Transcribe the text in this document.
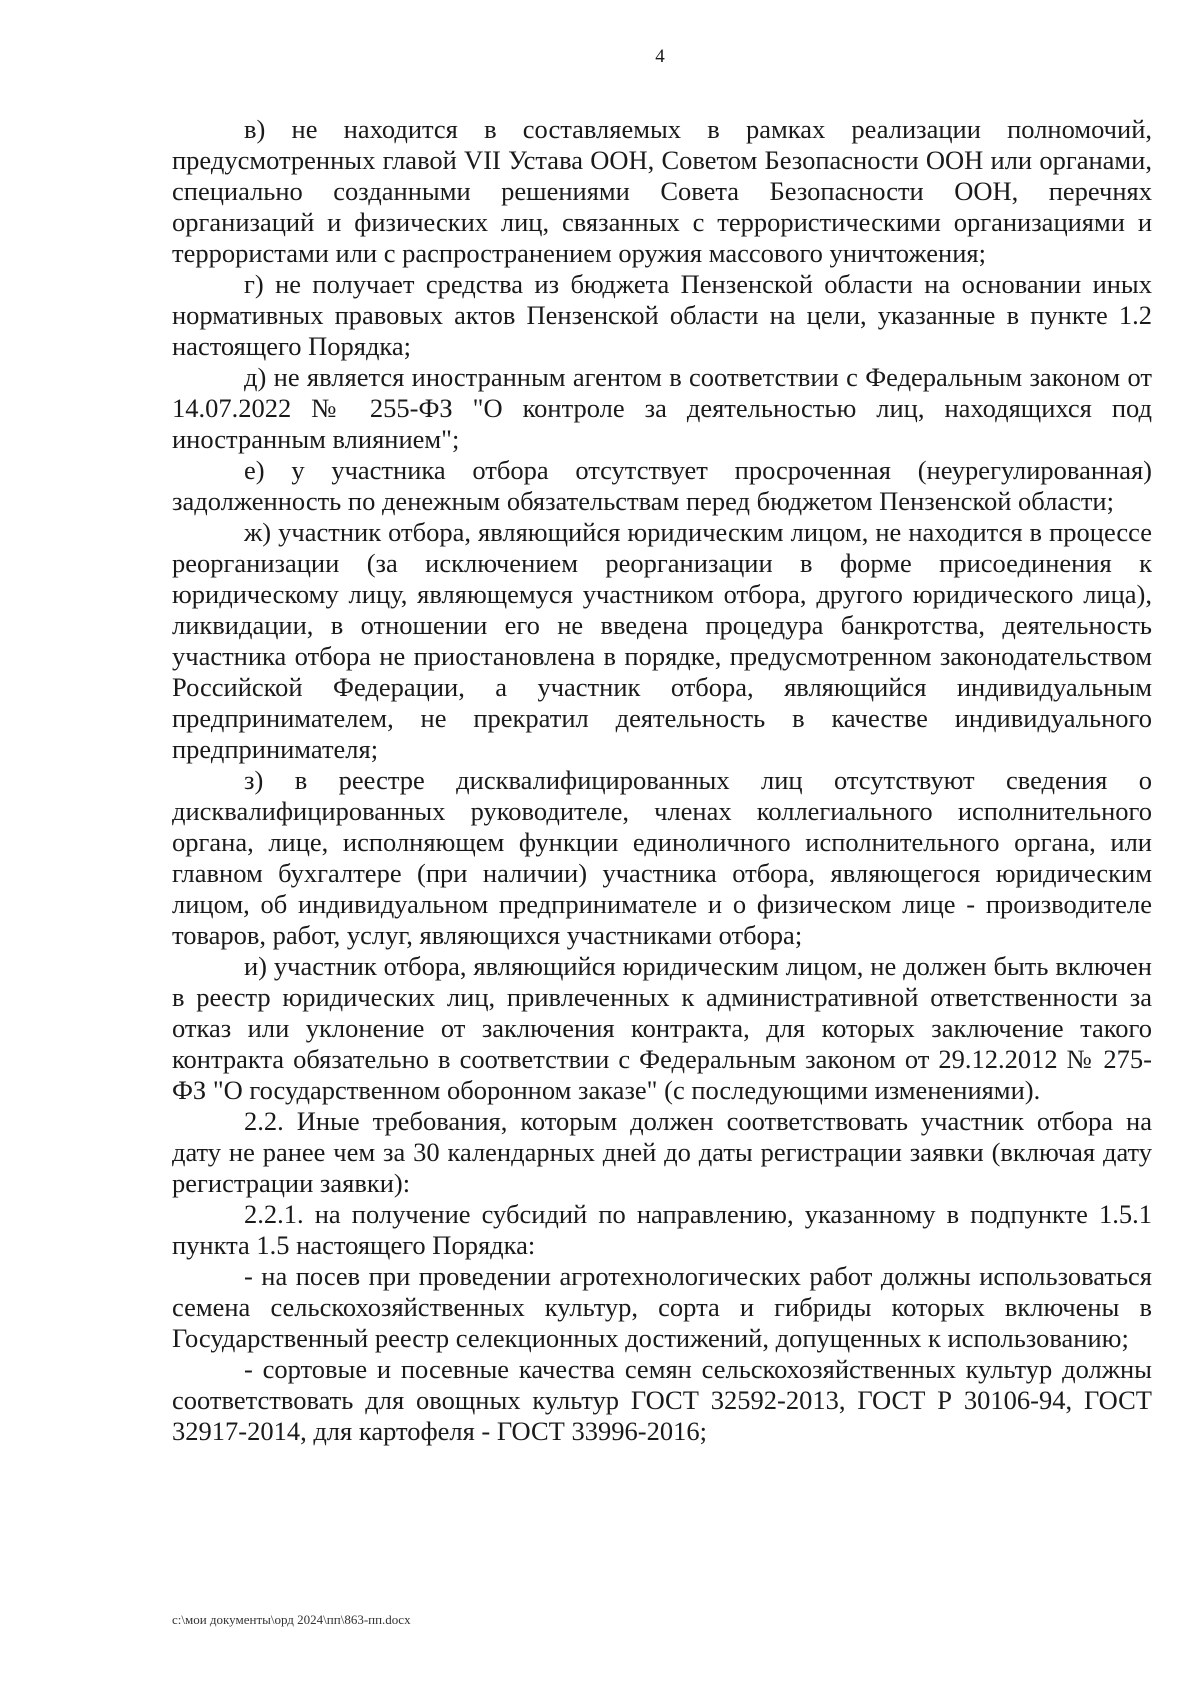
4

в) не находится в составляемых в рамках реализации полномочий, предусмотренных главой VII Устава ООН, Советом Безопасности ООН или органами, специально созданными решениями Совета Безопасности ООН, перечнях организаций и физических лиц, связанных с террористическими организациями и террористами или с распространением оружия массового уничтожения;

г) не получает средства из бюджета Пензенской области на основании иных нормативных правовых актов Пензенской области на цели, указанные в пункте 1.2 настоящего Порядка;

д) не является иностранным агентом в соответствии с Федеральным законом от 14.07.2022 № 255-ФЗ "О контроле за деятельностью лиц, находящихся под иностранным влиянием";

е) у участника отбора отсутствует просроченная (неурегулированная) задолженность по денежным обязательствам перед бюджетом Пензенской области;

ж) участник отбора, являющийся юридическим лицом, не находится в процессе реорганизации (за исключением реорганизации в форме присоединения к юридическому лицу, являющемуся участником отбора, другого юридического лица), ликвидации, в отношении его не введена процедура банкротства, деятельность участника отбора не приостановлена в порядке, предусмотренном законодательством Российской Федерации, а участник отбора, являющийся индивидуальным предпринимателем, не прекратил деятельность в качестве индивидуального предпринимателя;

з) в реестре дисквалифицированных лиц отсутствуют сведения о дисквалифицированных руководителе, членах коллегиального исполнительного органа, лице, исполняющем функции единоличного исполнительного органа, или главном бухгалтере (при наличии) участника отбора, являющегося юридическим лицом, об индивидуальном предпринимателе и о физическом лице - производителе товаров, работ, услуг, являющихся участниками отбора;

и) участник отбора, являющийся юридическим лицом, не должен быть включен в реестр юридических лиц, привлеченных к административной ответственности за отказ или уклонение от заключения контракта, для которых заключение такого контракта обязательно в соответствии с Федеральным законом от 29.12.2012 № 275-ФЗ "О государственном оборонном заказе" (с последующими изменениями).

2.2. Иные требования, которым должен соответствовать участник отбора на дату не ранее чем за 30 календарных дней до даты регистрации заявки (включая дату регистрации заявки):

2.2.1. на получение субсидий по направлению, указанному в подпункте 1.5.1 пункта 1.5 настоящего Порядка:

- на посев при проведении агротехнологических работ должны использоваться семена сельскохозяйственных культур, сорта и гибриды которых включены в Государственный реестр селекционных достижений, допущенных к использованию;

- сортовые и посевные качества семян сельскохозяйственных культур должны соответствовать для овощных культур ГОСТ 32592-2013, ГОСТ Р 30106-94, ГОСТ 32917-2014, для картофеля - ГОСТ 33996-2016;

c:\мои документы\орд 2024\пп\863-пп.docx
